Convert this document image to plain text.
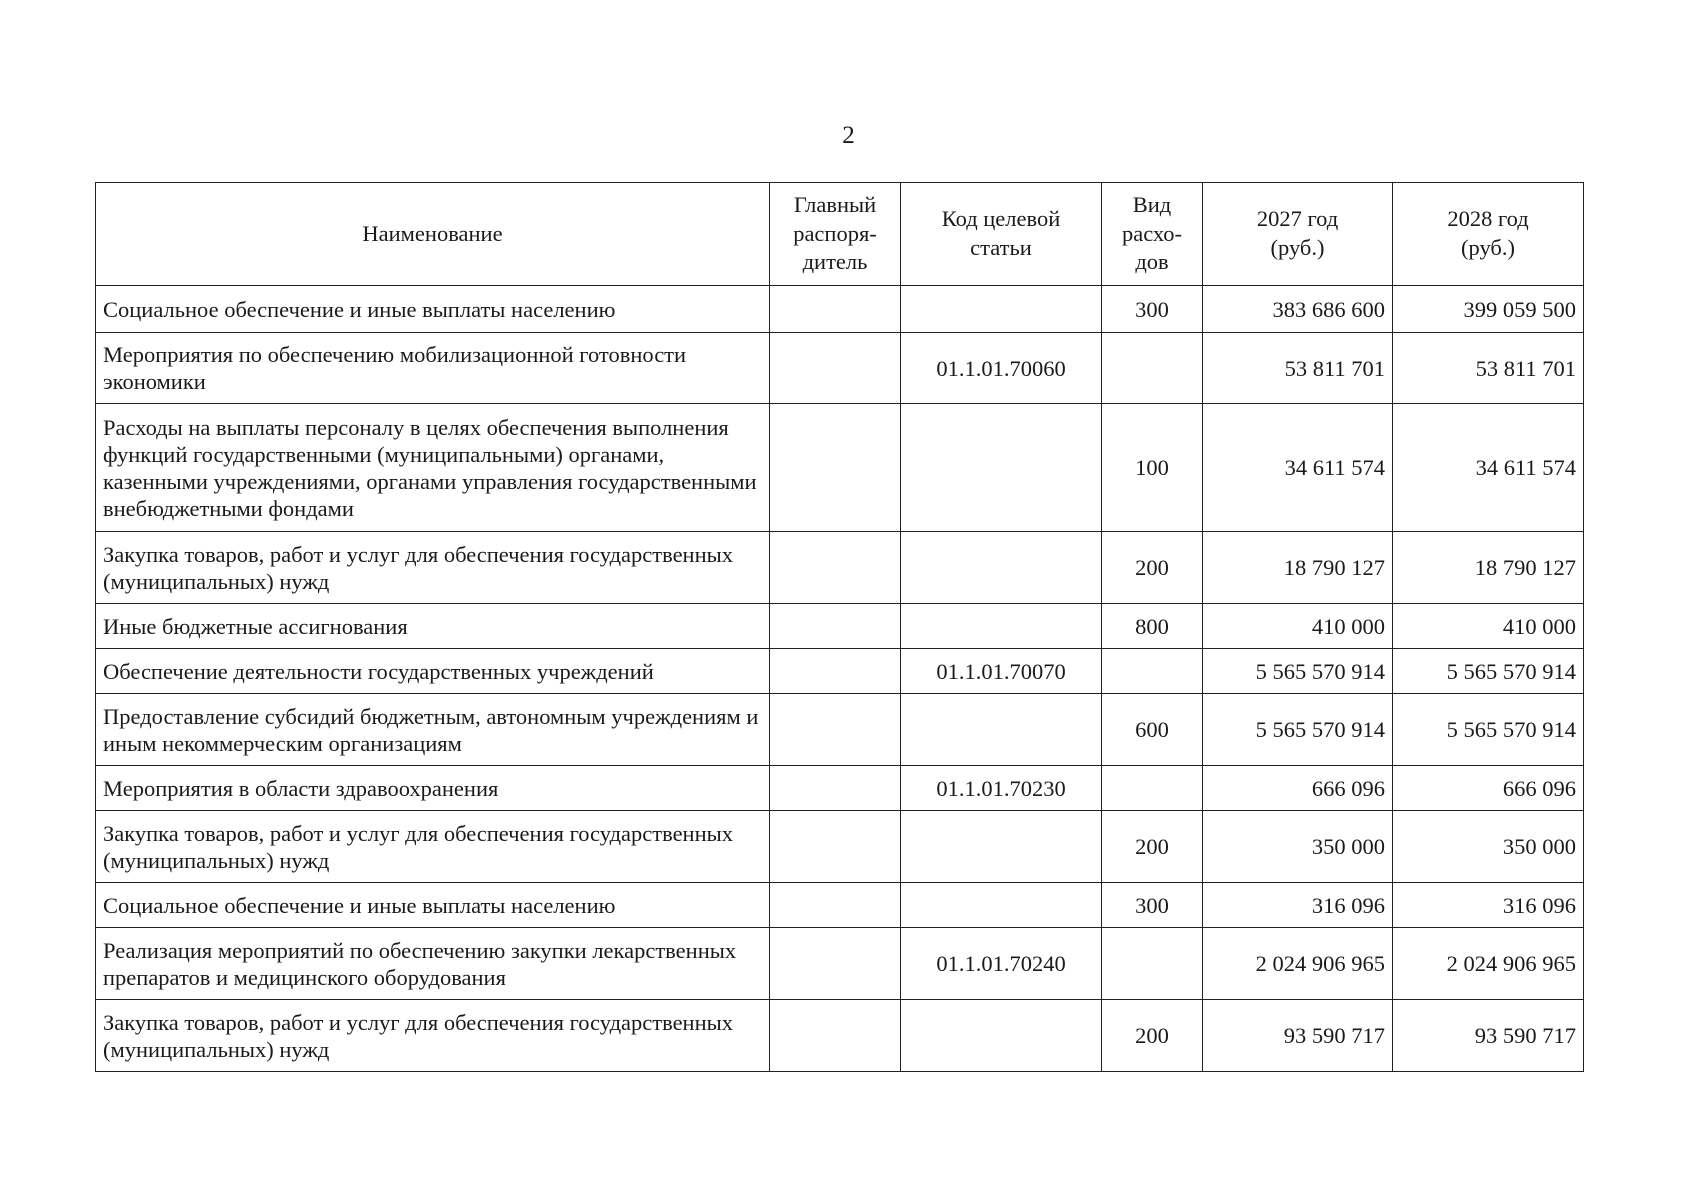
2
Наименование	Главный
распоря-
дитель	Код целевой
статьи	Вид
расхо-
дов	2027 год
(руб.)	2028 год
(руб.)
Социальное обеспечение и иные выплаты населению			300	383 686 600	399 059 500
Мероприятия по обеспечению мобилизационной готовности экономики		01.1.01.70060		53 811 701	53 811 701
Расходы на выплаты персоналу в целях обеспечения выполнения функций государственными (муниципальными) органами, казенными учреждениями, органами управления государственными внебюджетными фондами			100	34 611 574	34 611 574
Закупка товаров, работ и услуг для обеспечения государственных (муниципальных) нужд			200	18 790 127	18 790 127
Иные бюджетные ассигнования			800	410 000	410 000
Обеспечение деятельности государственных учреждений		01.1.01.70070		5 565 570 914	5 565 570 914
Предоставление субсидий бюджетным, автономным учреждениям и иным некоммерческим организациям			600	5 565 570 914	5 565 570 914
Мероприятия в области здравоохранения		01.1.01.70230		666 096	666 096
Закупка товаров, работ и услуг для обеспечения государственных (муниципальных) нужд			200	350 000	350 000
Социальное обеспечение и иные выплаты населению			300	316 096	316 096
Реализация мероприятий по обеспечению закупки лекарственных препаратов и медицинского оборудования		01.1.01.70240		2 024 906 965	2 024 906 965
Закупка товаров, работ и услуг для обеспечения государственных (муниципальных) нужд			200	93 590 717	93 590 717
